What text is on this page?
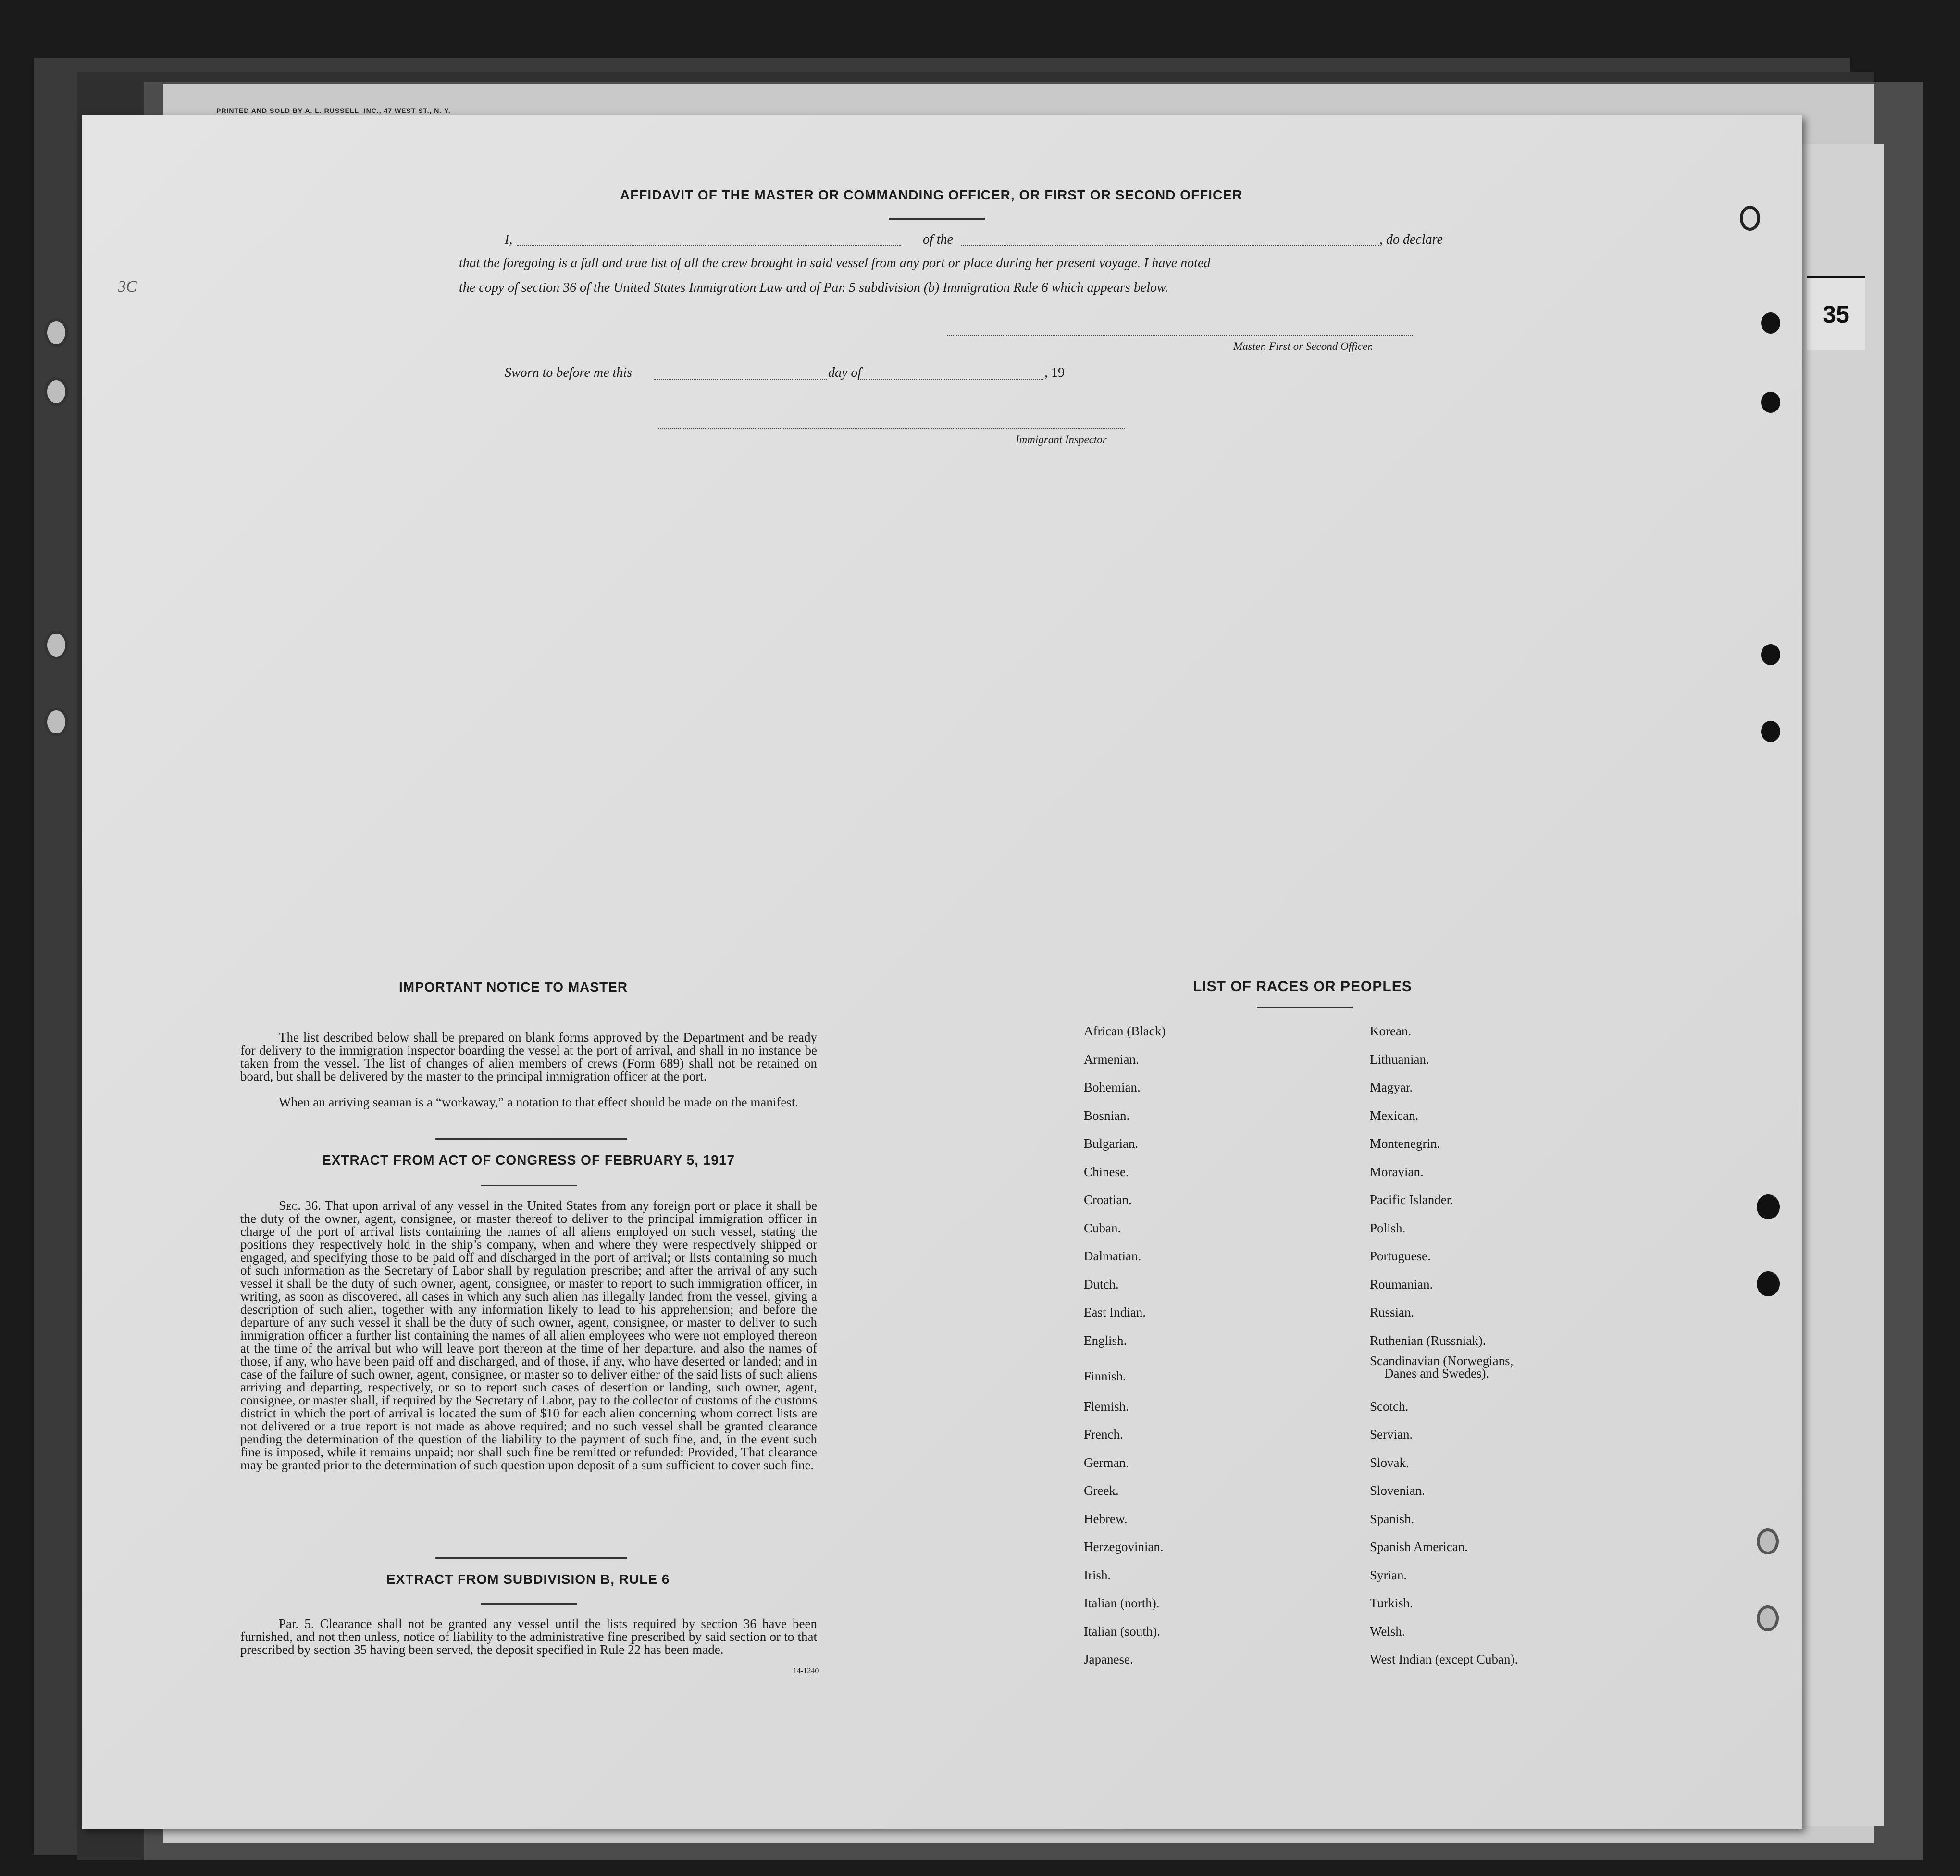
35
PRINTED AND SOLD BY A. L. RUSSELL, INC., 47 WEST ST., N. Y.
AFFIDAVIT OF THE MASTER OR COMMANDING OFFICER, OR FIRST OR SECOND OFFICER
I,	of the	, do declare
that the foregoing is a full and true list of all the crew brought in said vessel from any port or place during her present voyage. I have noted
the copy of section 36 of the United States Immigration Law and of Par. 5 subdivision (b) Immigration Rule 6 which appears below.
Master, First or Second Officer.
Sworn to before me this	day of	, 19
Immigrant Inspector
IMPORTANT NOTICE TO MASTER
The list described below shall be prepared on blank forms approved by the Department and be ready for delivery to the immigration inspector boarding the vessel at the port of arrival, and shall in no instance be taken from the vessel. The list of changes of alien members of crews (Form 689) shall not be retained on board, but shall be delivered by the master to the principal immigration officer at the port.
When an arriving seaman is a “workaway,” a notation to that effect should be made on the manifest.
EXTRACT FROM ACT OF CONGRESS OF FEBRUARY 5, 1917
Sec. 36. That upon arrival of any vessel in the United States from any foreign port or place it shall be the duty of the owner, agent, consignee, or master thereof to deliver to the principal immigration officer in charge of the port of arrival lists containing the names of all aliens employed on such vessel, stating the positions they respectively hold in the ship’s company, when and where they were respectively shipped or engaged, and specifying those to be paid off and discharged in the port of arrival; or lists containing so much of such information as the Secretary of Labor shall by regulation prescribe; and after the arrival of any such vessel it shall be the duty of such owner, agent, consignee, or master to report to such immigration officer, in writing, as soon as discovered, all cases in which any such alien has illegally landed from the vessel, giving a description of such alien, together with any information likely to lead to his apprehension; and before the departure of any such vessel it shall be the duty of such owner, agent, consignee, or master to deliver to such immigration officer a further list containing the names of all alien employees who were not employed thereon at the time of the arrival but who will leave port thereon at the time of her departure, and also the names of those, if any, who have been paid off and discharged, and of those, if any, who have deserted or landed; and in case of the failure of such owner, agent, consignee, or master so to deliver either of the said lists of such aliens arriving and departing, respectively, or so to report such cases of desertion or landing, such owner, agent, consignee, or master shall, if required by the Secretary of Labor, pay to the collector of customs of the customs district in which the port of arrival is located the sum of $10 for each alien concerning whom correct lists are not delivered or a true report is not made as above required; and no such vessel shall be granted clearance pending the determination of the question of the liability to the payment of such fine, and, in the event such fine is imposed, while it remains unpaid; nor shall such fine be remitted or refunded: Provided, That clearance may be granted prior to the determination of such question upon deposit of a sum sufficient to cover such fine.
EXTRACT FROM SUBDIVISION B, RULE 6
Par. 5. Clearance shall not be granted any vessel until the lists required by section 36 have been furnished, and not then unless, notice of liability to the administrative fine prescribed by said section or to that prescribed by section 35 having been served, the deposit specified in Rule 22 has been made.
14-1240
LIST OF RACES OR PEOPLES
African (Black)
Armenian.
Bohemian.
Bosnian.
Bulgarian.
Chinese.
Croatian.
Cuban.
Dalmatian.
Dutch.
East Indian.
English.
Finnish.
Flemish.
French.
German.
Greek.
Hebrew.
Herzegovinian.
Irish.
Italian (north).
Italian (south).
Japanese.
Korean.
Lithuanian.
Magyar.
Mexican.
Montenegrin.
Moravian.
Pacific Islander.
Polish.
Portuguese.
Roumanian.
Russian.
Ruthenian (Russniak).
Scandinavian (Norwegians,
Danes and Swedes).
Scotch.
Servian.
Slovak.
Slovenian.
Spanish.
Spanish American.
Syrian.
Turkish.
Welsh.
West Indian (except Cuban).
3C
